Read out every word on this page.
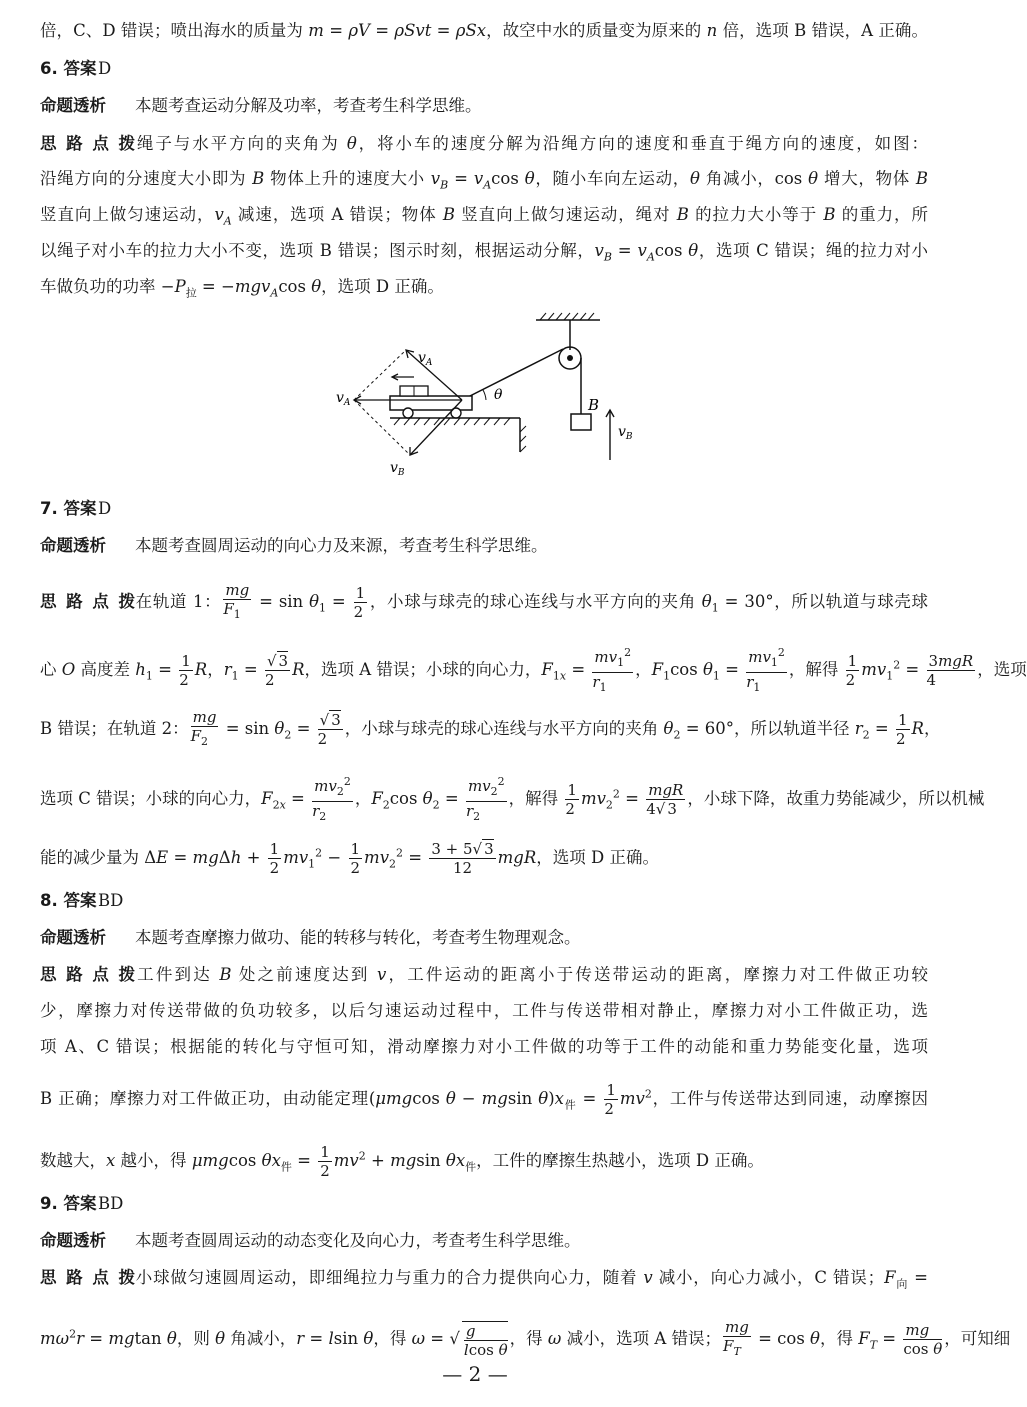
倍，C、D 错误；喷出海水的质量为 m = ρV = ρSvt = ρSx，故空中水的质量变为原来的 n 倍，选项 B 错误，A 正确。
6. 答案D
命题透析 本题考查运动分解及功率，考查考生科学思维。
思路点拨绳子与水平方向的夹角为 θ，将小车的速度分解为沿绳方向的速度和垂直于绳方向的速度，如图：
沿绳方向的分速度大小即为 B 物体上升的速度大小 $v_B = v_A\cos$ θ，随小车向左运动，θ 角减小，cos θ 增大，物体 B
竖直向上做匀速运动，$v_A$ 减速，选项 A 错误；物体 B 竖直向上做匀速运动，绳对 B 的拉力大小等于 B 的重力，所
以绳子对小车的拉力大小不变，选项 B 错误；图示时刻，根据运动分解，$v_B = v_A\cos$ θ，选项 C 错误；绳的拉力对小
车做负功的功率 $-P_拉 = -mgv_A\cos$ θ，选项 D 正确。
$v_A$
$v_A$
$v_B$
θ
B
$v_B$
7. 答案D
命题透析 本题考查圆周运动的向心力及来源，考查考生科学思维。
思路点拨在轨道 1： $\frac{mg}{F_1} = \sin \theta_1 = \frac{1}{2}$ ，小球与球壳的球心连线与水平方向的夹角 $\theta_1 = 30^\circ$，所以轨道与球壳球
心 O 高度差 $h_1 = \frac{1}{2}$ R，$r_1 = \frac{√ 3}{2}$ R，选项 A 错误；小球的向心力，$F_{1x} = \frac{mv_1^2}{r_1}$ ，$F_1\cos$ $\theta_1 = \frac{mv_1^2}{r_1}$ ，解得 $\frac{1}{2} mv_1^2 = 3mgR$
4
，选项
B 错误；在轨道 2： $\frac{mg}{F_2} = \sin \theta_2 = \frac{√ 3}{2}$ ，小球与球壳的球心连线与水平方向的夹角 $\theta_2 = 60^\circ$，所以轨道半径 $r_2 = \frac{1}{2}$ R，
选项 C 错误；小球的向心力，$F_{2x} = \frac{mv_2^2}{r_2}$ ，$F_2\cos$ $\theta_2 = \frac{mv_2^2}{r_2}$ ，解得 $\frac{1}{2} mv_2^2$ = mgR
4√ 3
，小球下降，故重力势能减少，所以机械
能的减少量为 $\Delta E = mg\Delta h + \frac{1}{2} mv_1^2 - \frac{1}{2} mv_2^2 = \frac{3 + 5√ 3}{12}$ mgR，选项 D 正确。
8. 答案BD
命题透析 本题考查摩擦力做功、能的转移与转化，考查考生物理观念。
思路点拨工件到达 B 处之前速度达到 v，工件运动的距离小于传送带运动的距离，摩擦力对工件做正功较
少，摩擦力对传送带做的负功较多，以后匀速运动过程中，工件与传送带相对静止，摩擦力对小工件做正功，选
项 A、C 错误；根据能的转化与守恒可知，滑动摩擦力对小工件做的功等于工件的动能和重力势能变化量，选项
B 正确；摩擦力对工件做正功，由动能定理(μmgcos θ − mgsin $\theta)x_件 = \frac{1}{2} mv^2$，工件与传送带达到同速，动摩擦因
数越大，x 越小，得 μmgcos $\theta x_件 = \frac{1}{2} mv^2 + mgsin$ $\theta x_件$，工件的摩擦生热越小，选项 D 正确。
9. 答案BD
命题透析 本题考查圆周运动的动态变化及向心力，考查考生科学思维。
思路点拨小球做匀速圆周运动，即细绳拉力与重力的合力提供向心力，随着 v 减小，向心力减小，C 错误；$F_向$ =
$m\omega^2r = mgtan$ θ，则 θ 角减小，r = lsin θ，得 ω = √ $\frac{g}{\text{lcos θ}}$ ，得 ω 减小，选项 A 错误； $\frac{mg}{F_T} = \cos \theta$，得 $F_T = \frac{mg}{\text{cos θ}}$ ，可知细
— 2 —
